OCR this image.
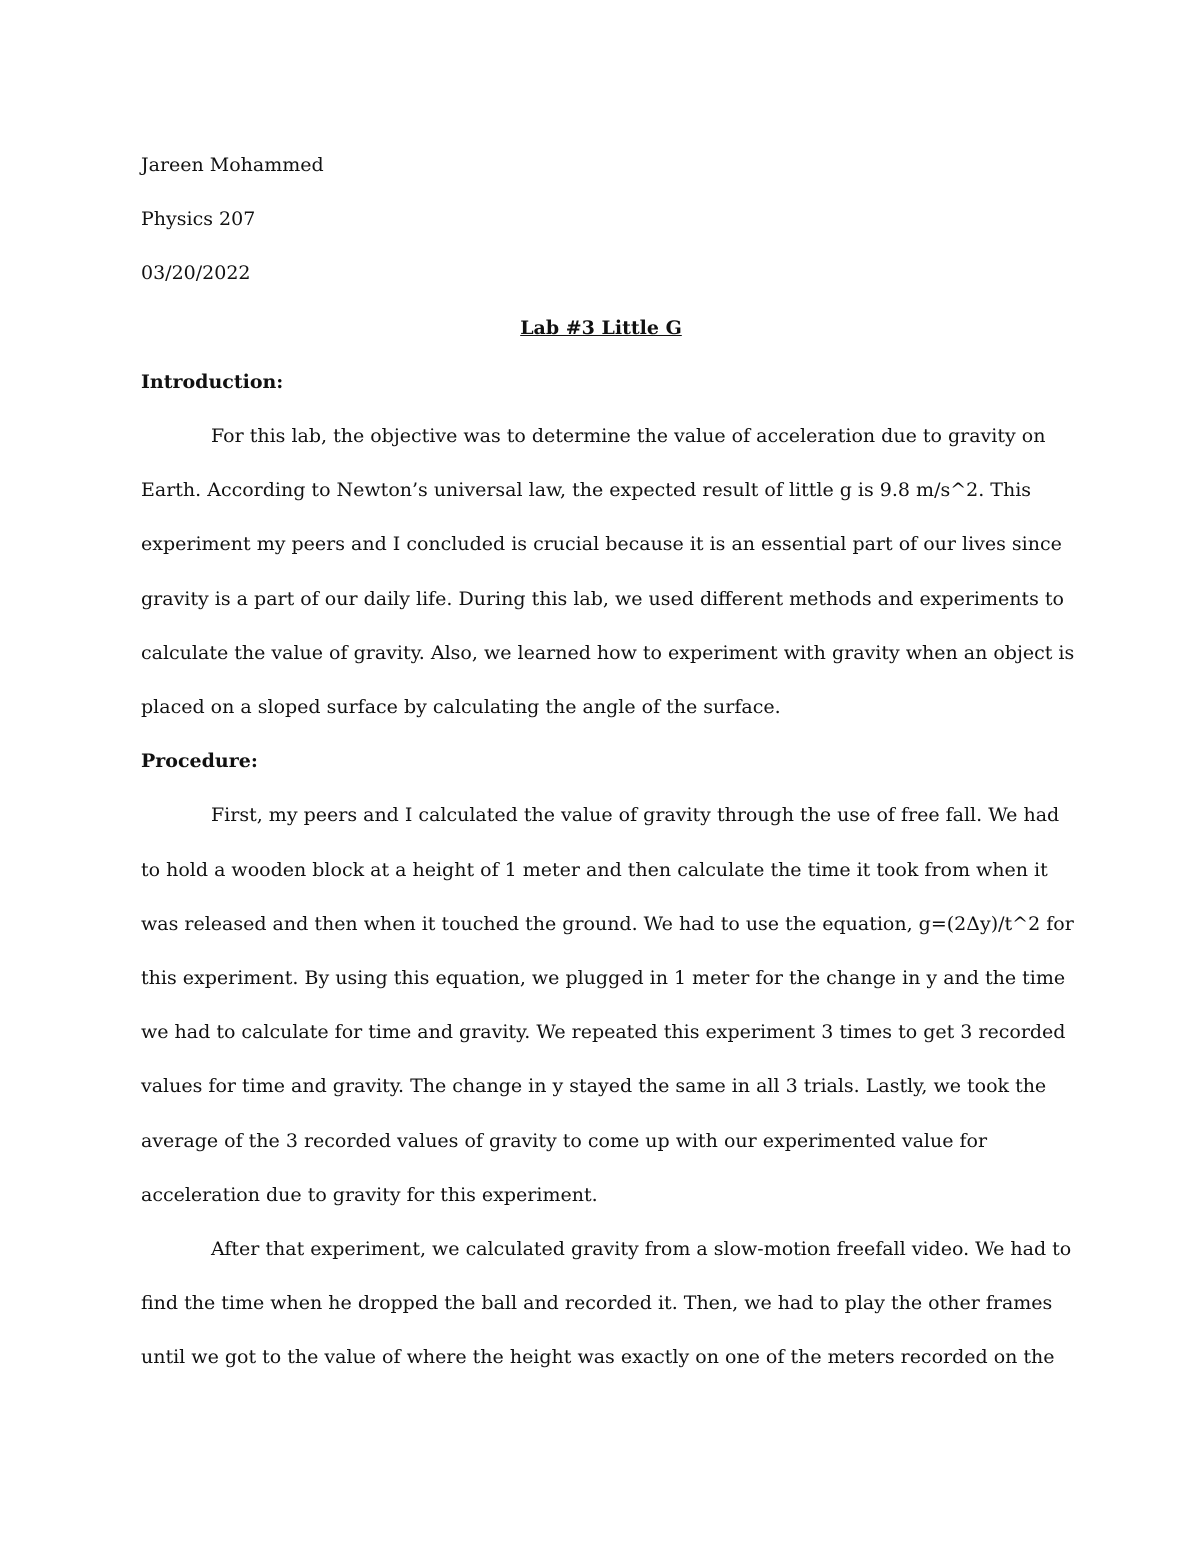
Jareen Mohammed

Physics 207

03/20/2022

Lab #3 Little G

Introduction:

For this lab, the objective was to determine the value of acceleration due to gravity on

Earth. According to Newton’s universal law, the expected result of little g is 9.8 m/s^2. This

experiment my peers and I concluded is crucial because it is an essential part of our lives since

gravity is a part of our daily life. During this lab, we used different methods and experiments to

calculate the value of gravity. Also, we learned how to experiment with gravity when an object is

placed on a sloped surface by calculating the angle of the surface.

Procedure:

First, my peers and I calculated the value of gravity through the use of free fall. We had

to hold a wooden block at a height of 1 meter and then calculate the time it took from when it

was released and then when it touched the ground. We had to use the equation, g=(2Δy)/t^2 for

this experiment. By using this equation, we plugged in 1 meter for the change in y and the time

we had to calculate for time and gravity. We repeated this experiment 3 times to get 3 recorded

values for time and gravity. The change in y stayed the same in all 3 trials. Lastly, we took the

average of the 3 recorded values of gravity to come up with our experimented value for

acceleration due to gravity for this experiment.

After that experiment, we calculated gravity from a slow-motion freefall video. We had to

find the time when he dropped the ball and recorded it. Then, we had to play the other frames

until we got to the value of where the height was exactly on one of the meters recorded on the
